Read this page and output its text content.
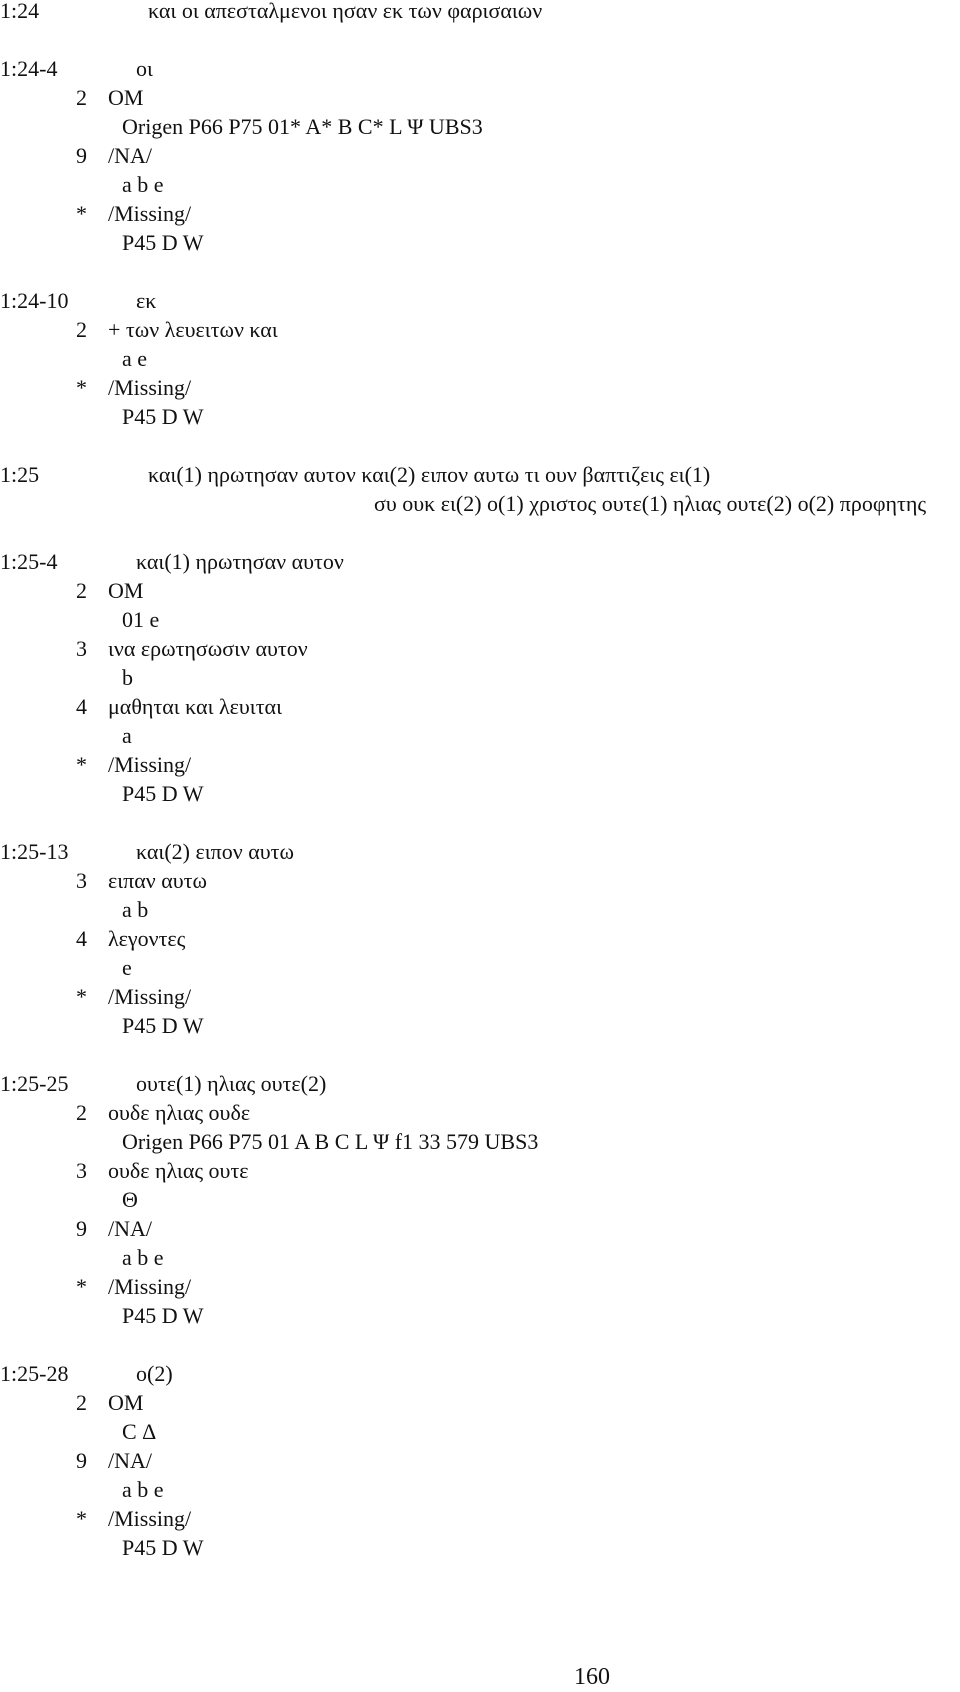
1:24	και οι απεσταλμενοι ησαν εκ των φαρισαιων
1:24-4	οι
2 OM
Origen P66 P75 01* A* B C* L Ψ UBS3
9 /NA/
a b e
* /Missing/
P45 D W
1:24-10	εκ
2 + των λευειτων και
a e
* /Missing/
P45 D W
1:25	και(1) ηρωτησαν αυτον και(2) ειπον αυτω τι ουν βαπτιζεις ει(1)
συ ουκ ει(2) ο(1) χριστος ουτε(1) ηλιας ουτε(2) ο(2) προφητης
1:25-4	και(1) ηρωτησαν αυτον
2 OM
01 e
3 ινα ερωτησωσιν αυτον
b
4 μαθηται και λευιται
a
* /Missing/
P45 D W
1:25-13	και(2) ειπον αυτω
3 ειπαν αυτω
a b
4 λεγοντες
e
* /Missing/
P45 D W
1:25-25	ουτε(1) ηλιας ουτε(2)
2 ουδε ηλιας ουδε
Origen P66 P75 01 A B C L Ψ f1 33 579 UBS3
3 ουδε ηλιας ουτε
Θ
9 /NA/
a b e
* /Missing/
P45 D W
1:25-28	ο(2)
2 OM
C Δ
9 /NA/
a b e
* /Missing/
P45 D W
160
